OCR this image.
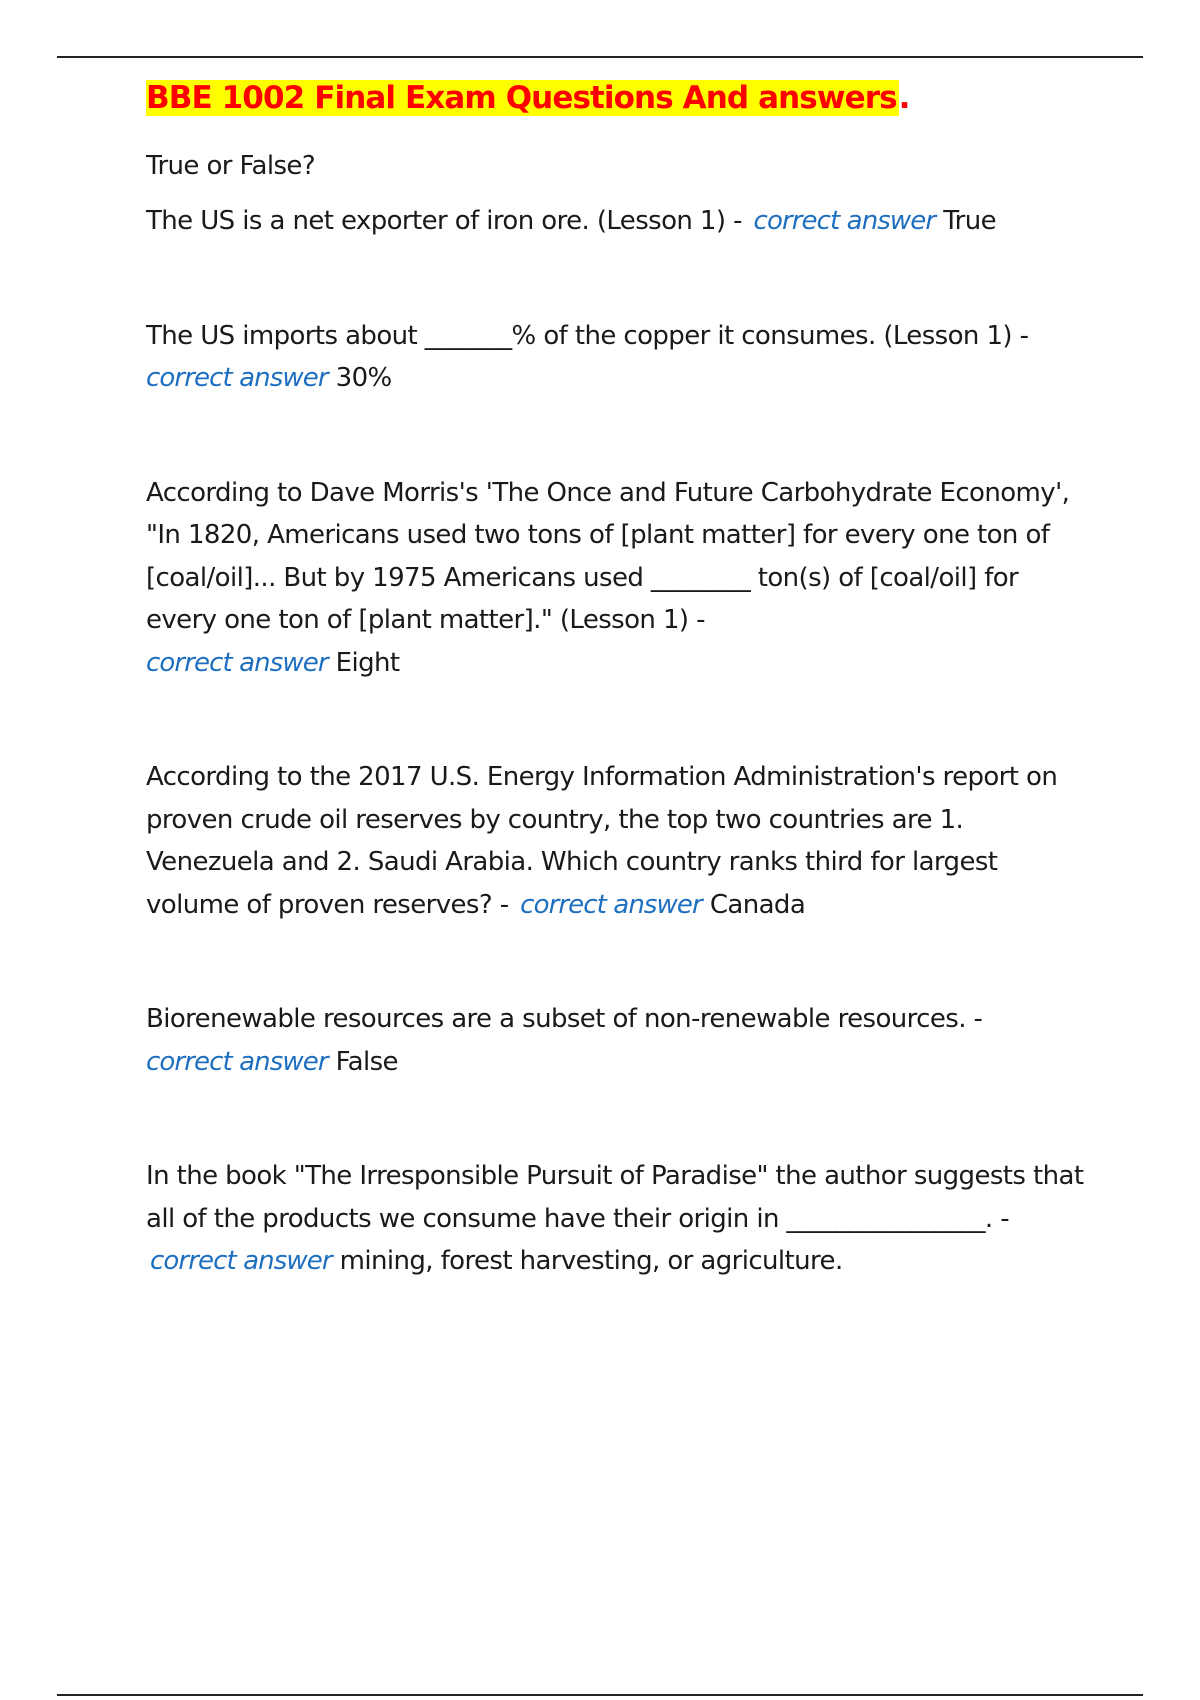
BBE 1002 Final Exam Questions And answers.

True or False?

The US is a net exporter of iron ore. (Lesson 1) - correct answer True

The US imports about _______% of the copper it consumes. (Lesson 1) -
correct answer 30%

According to Dave Morris's 'The Once and Future Carbohydrate Economy', "In 1820, Americans used two tons of [plant matter] for every one ton of [coal/oil]... But by 1975 Americans used ________ ton(s) of [coal/oil] for every one ton of [plant matter]." (Lesson 1) -
correct answer Eight

According to the 2017 U.S. Energy Information Administration's report on proven crude oil reserves by country, the top two countries are 1. Venezuela and 2. Saudi Arabia. Which country ranks third for largest volume of proven reserves? - correct answer Canada

Biorenewable resources are a subset of non-renewable resources. -
correct answer False

In the book "The Irresponsible Pursuit of Paradise" the author suggests that all of the products we consume have their origin in ________________. - correct answer mining, forest harvesting, or agriculture.
